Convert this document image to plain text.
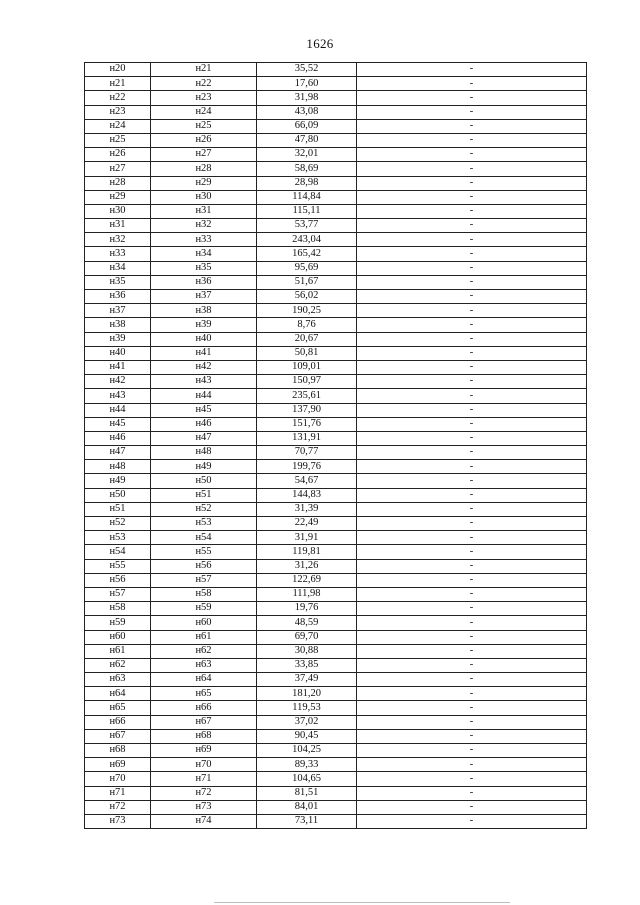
1626
н20	н21	35,52	-
н21	н22	17,60	-
н22	н23	31,98	-
н23	н24	43,08	-
н24	н25	66,09	-
н25	н26	47,80	-
н26	н27	32,01	-
н27	н28	58,69	-
н28	н29	28,98	-
н29	н30	114,84	-
н30	н31	115,11	-
н31	н32	53,77	-
н32	н33	243,04	-
н33	н34	165,42	-
н34	н35	95,69	-
н35	н36	51,67	-
н36	н37	56,02	-
н37	н38	190,25	-
н38	н39	8,76	-
н39	н40	20,67	-
н40	н41	50,81	-
н41	н42	109,01	-
н42	н43	150,97	-
н43	н44	235,61	-
н44	н45	137,90	-
н45	н46	151,76	-
н46	н47	131,91	-
н47	н48	70,77	-
н48	н49	199,76	-
н49	н50	54,67	-
н50	н51	144,83	-
н51	н52	31,39	-
н52	н53	22,49	-
н53	н54	31,91	-
н54	н55	119,81	-
н55	н56	31,26	-
н56	н57	122,69	-
н57	н58	111,98	-
н58	н59	19,76	-
н59	н60	48,59	-
н60	н61	69,70	-
н61	н62	30,88	-
н62	н63	33,85	-
н63	н64	37,49	-
н64	н65	181,20	-
н65	н66	119,53	-
н66	н67	37,02	-
н67	н68	90,45	-
н68	н69	104,25	-
н69	н70	89,33	-
н70	н71	104,65	-
н71	н72	81,51	-
н72	н73	84,01	-
н73	н74	73,11	-
